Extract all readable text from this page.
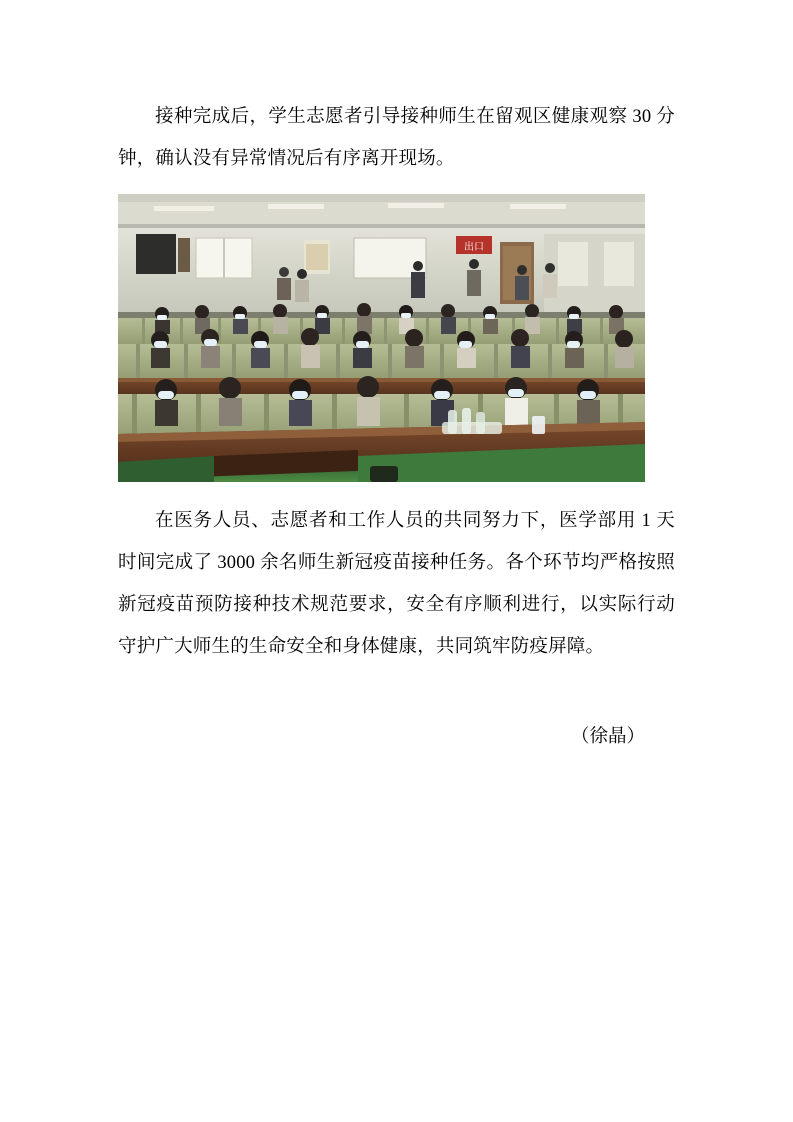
接种完成后，学生志愿者引导接种师生在留观区健康观察 30 分钟，确认没有异常情况后有序离开现场。

出口

在医务人员、志愿者和工作人员的共同努力下，医学部用 1 天时间完成了 3000 余名师生新冠疫苗接种任务。各个环节均严格按照新冠疫苗预防接种技术规范要求，安全有序顺利进行，以实际行动守护广大师生的生命安全和身体健康，共同筑牢防疫屏障。

（徐晶）
